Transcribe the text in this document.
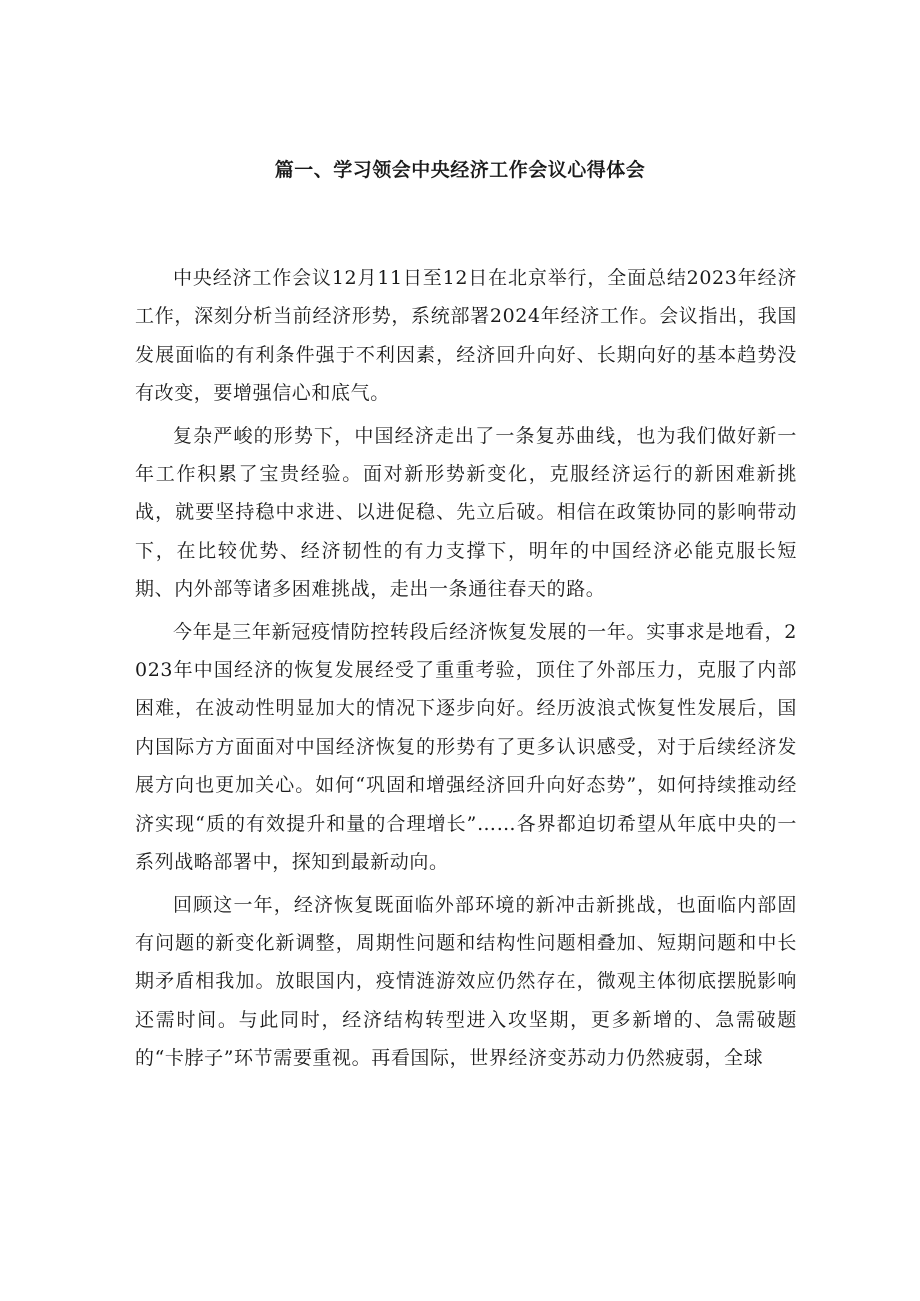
篇一、学习领会中央经济工作会议心得体会

中央经济工作会议12月11日至12日在北京举行，全面总结2023年经济工作，深刻分析当前经济形势，系统部署2024年经济工作。会议指出，我国发展面临的有利条件强于不利因素，经济回升向好、长期向好的基本趋势没有改变，要增强信心和底气。

复杂严峻的形势下，中国经济走出了一条复苏曲线，也为我们做好新一年工作积累了宝贵经验。面对新形势新变化，克服经济运行的新困难新挑战，就要坚持稳中求进、以进促稳、先立后破。相信在政策协同的影响带动下，在比较优势、经济韧性的有力支撑下，明年的中国经济必能克服长短期、内外部等诸多困难挑战，走出一条通往春天的路。

今年是三年新冠疫情防控转段后经济恢复发展的一年。实事求是地看，2023年中国经济的恢复发展经受了重重考验，顶住了外部压力，克服了内部困难，在波动性明显加大的情况下逐步向好。经历波浪式恢复性发展后，国内国际方方面面对中国经济恢复的形势有了更多认识感受，对于后续经济发展方向也更加关心。如何“巩固和增强经济回升向好态势”，如何持续推动经济实现“质的有效提升和量的合理增长”……各界都迫切希望从年底中央的一系列战略部署中，探知到最新动向。

回顾这一年，经济恢复既面临外部环境的新冲击新挑战，也面临内部固有问题的新变化新调整，周期性问题和结构性问题相叠加、短期问题和中长期矛盾相我加。放眼国内，疫情涟游效应仍然存在，微观主体彻底摆脱影响还需时间。与此同时，经济结构转型进入攻坚期，更多新增的、急需破题的“卡脖子”环节需要重视。再看国际，世界经济变苏动力仍然疲弱，全球
